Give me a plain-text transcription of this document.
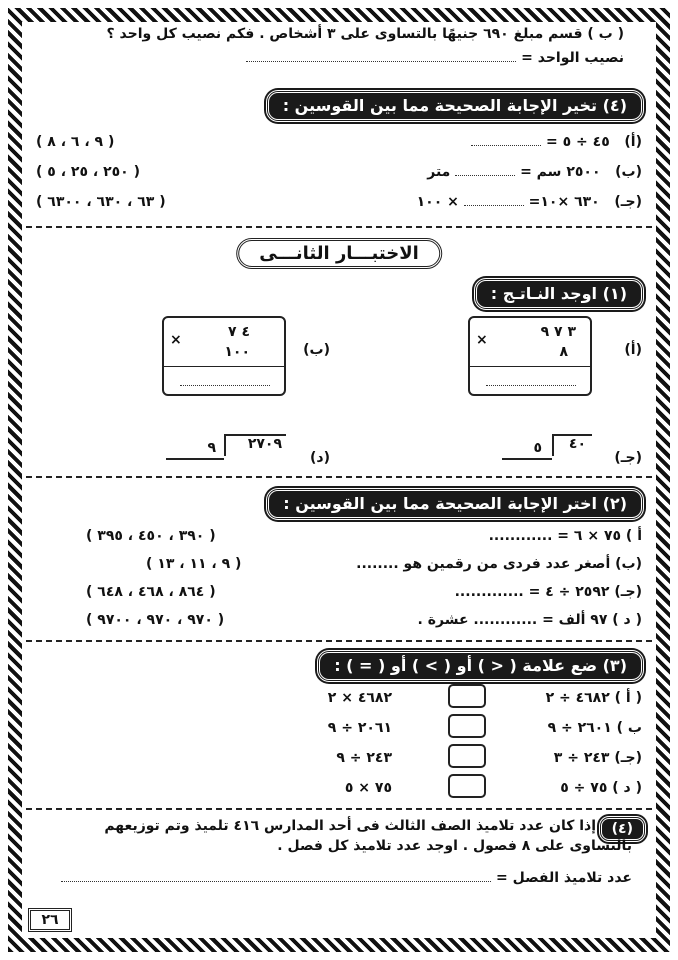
( ب ) قسم مبلغ ٦٩٠ جنيهًا بالتساوى على ٣ أشخاص . فكم نصيب كل واحد ؟
نصيب الواحد =
(٤) تخير الإجابة الصحيحة مما بين القوسين :
(أ)   ٤٥ ÷ ٥ =
( ٩ ، ٦ ، ٨ )
(ب)   ٢٥٠٠ سم =  متر
( ٢٥٠ ، ٢٥ ، ٥ )
(جـ)   ٦٣٠ ×١٠=  × ١٠٠
( ٦٣ ، ٦٣٠ ، ٦٣٠٠ )
الاختبـــار الثانـــى
(١) اوجد النـاتـج :
(أ)
٣ ٧ ٩
×
٨
(ب)
٤ ٧
×
١٠٠
(جـ)
٤٠
٥
(د)
٢٧٠٩
٩
(٢) اختر الإجابة الصحيحة مما بين القوسين :
أ ) ٧٥ × ٦ = ............
( ٣٩٠ ، ٤٥٠ ، ٣٩٥ )
(ب) أصغر عدد فردى من رقمين هو ........
( ٩ ، ١١ ، ١٣ )
(جـ) ٢٥٩٢ ÷ ٤ = .............
( ٨٦٤ ، ٤٦٨ ، ٦٤٨ )
( د ) ٩٧ ألف = ............ عشرة .
( ٩٧٠ ، ٩٧٠ ، ٩٧٠٠ )
(٣) ضع علامة ( < ) أو ( > ) أو ( = ) :
( أ ) ٤٦٨٢ ÷ ٢
٤٦٨٢ × ٢
ب ) ٢٦٠١ ÷ ٩
٢٠٦١ ÷ ٩
(جـ) ٢٤٣ ÷ ٣
٢٤٣ ÷ ٩
( د ) ٧٥ ÷ ٥
٧٥ × ٥
(٤)
إذا كان عدد تلاميذ الصف الثالث فى أحد المدارس ٤١٦ تلميذ وتم توزيعهم
بالتساوى على ٨ فصول . اوجد عدد تلاميذ كل فصل .
عدد تلاميذ الفصل =
٢٦
